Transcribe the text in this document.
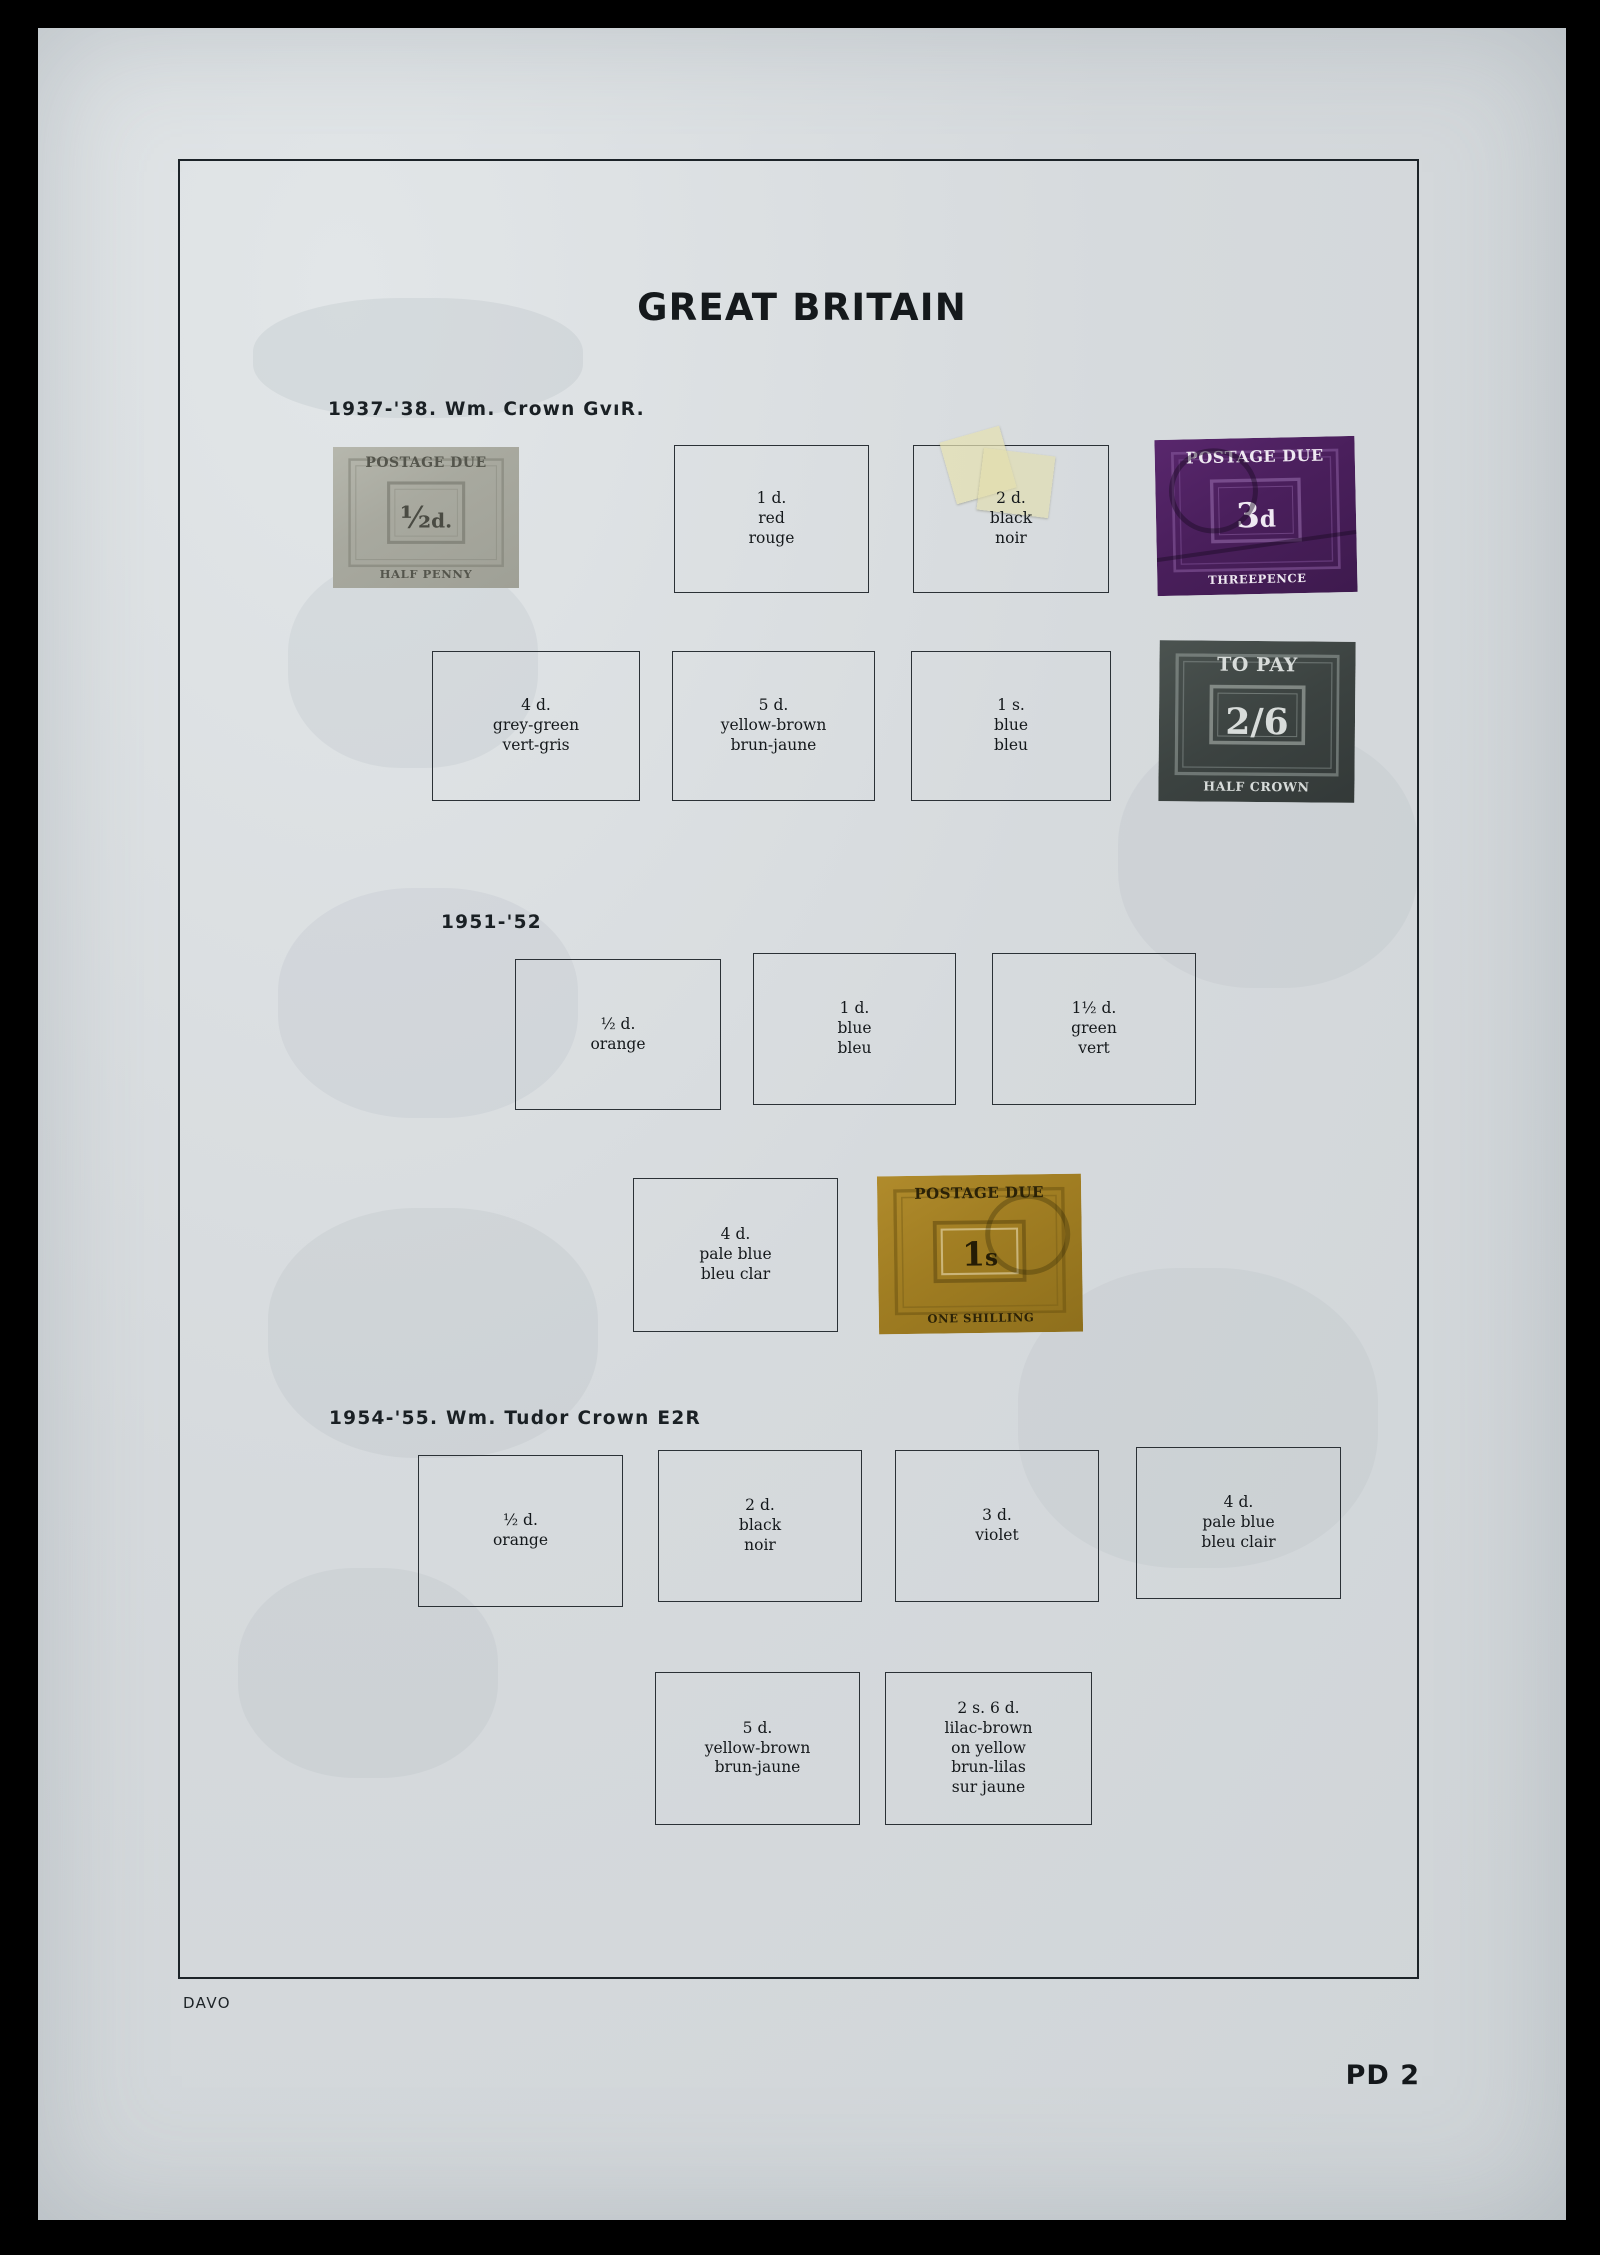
GREAT BRITAIN
1937-'38. Wm. Crown GvıR.
POSTAGE DUE
½d.
HALF PENNY
1 d.
red
rouge
2 d.
black
noir
POSTAGE DUE
3d
THREEPENCE
4 d.
grey-green
vert-gris
5 d.
yellow-brown
brun-jaune
1 s.
blue
bleu
TO PAY
2/6
HALF CROWN
1951-'52
½ d.
orange
1 d.
blue
bleu
1½ d.
green
vert
4 d.
pale blue
bleu clar
POSTAGE DUE
1s
ONE SHILLING
1954-'55. Wm. Tudor Crown E2R
½ d.
orange
2 d.
black
noir
3 d.
violet
4 d.
pale blue
bleu clair
5 d.
yellow-brown
brun-jaune
2 s. 6 d.
lilac-brown
on yellow
brun-lilas
sur jaune
DAVO
PD 2
